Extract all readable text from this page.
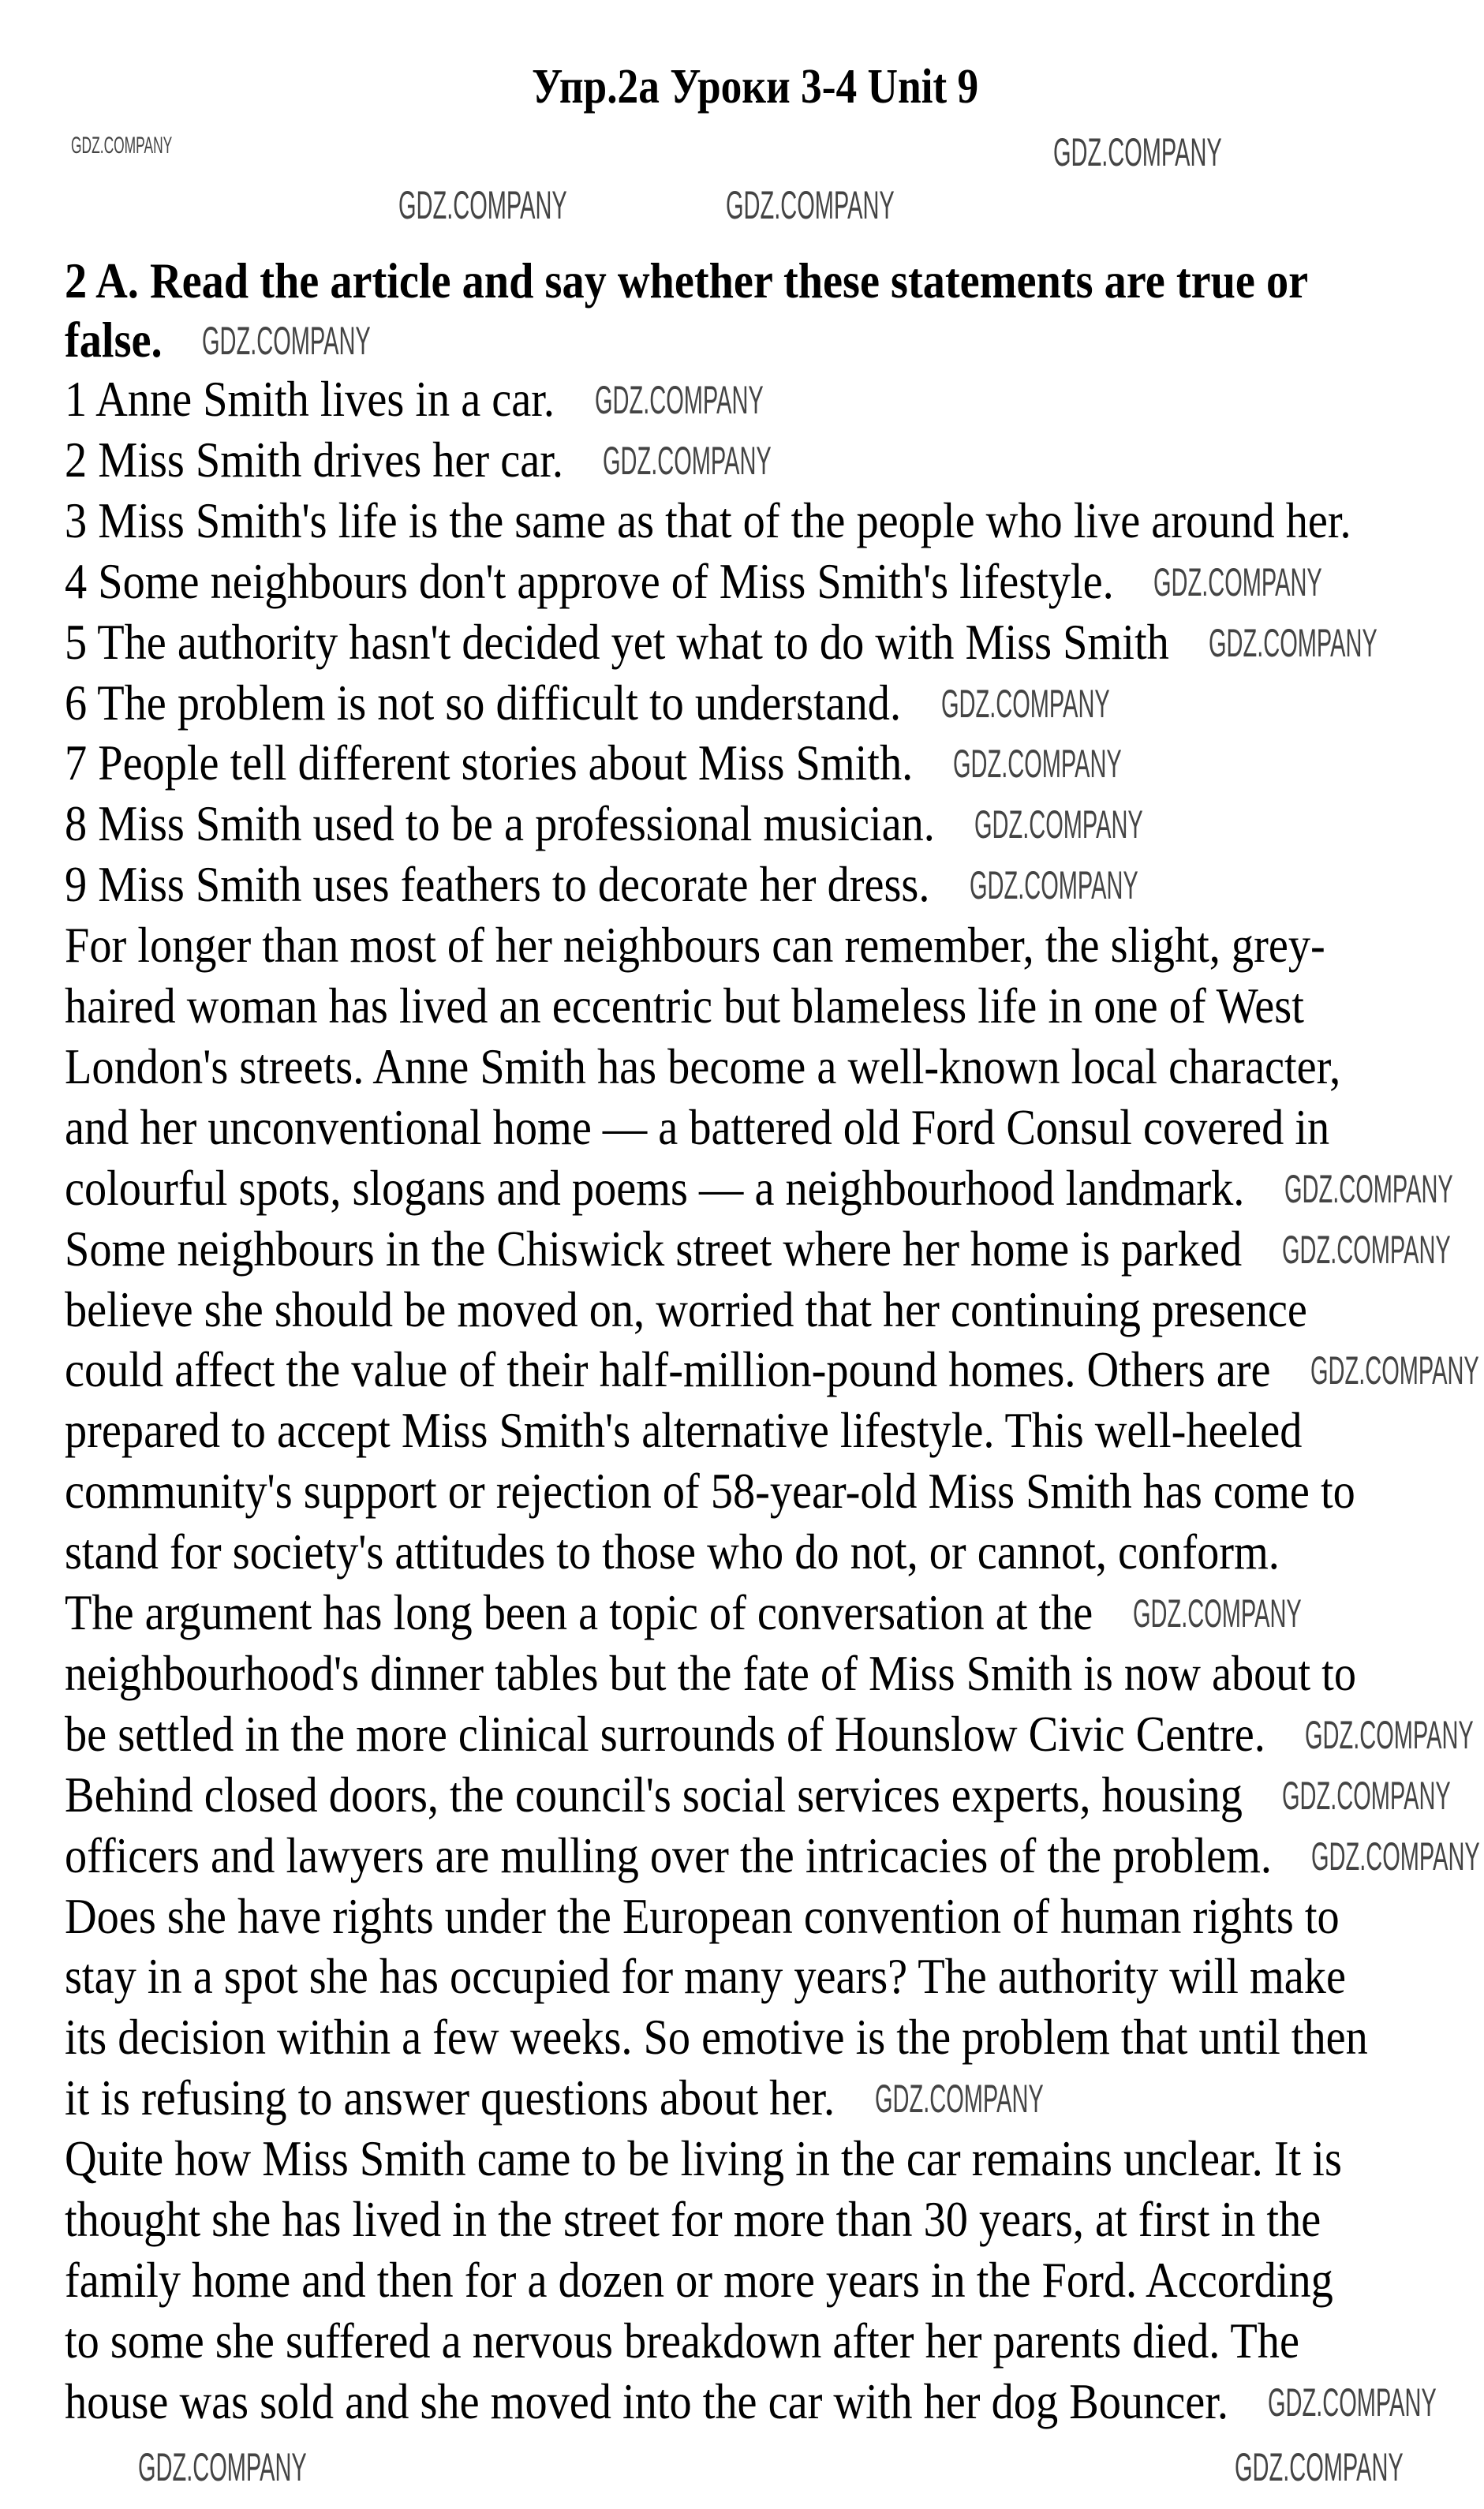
Упр.2a Уроки 3-4 Unit 9
2 A. Read the article and say whether these statements are true or
false.
1 Anne Smith lives in a car.
2 Miss Smith drives her car.
3 Miss Smith's life is the same as that of the people who live around her.
4 Some neighbours don't approve of Miss Smith's lifestyle.
5 The authority hasn't decided yet what to do with Miss Smith
6 The problem is not so difficult to understand.
7 People tell different stories about Miss Smith.
8 Miss Smith used to be a professional musician.
9 Miss Smith uses feathers to decorate her dress.
For longer than most of her neighbours can remember, the slight, grey-
haired woman has lived an eccentric but blameless life in one of West
London's streets. Anne Smith has become a well-known local character,
and her unconventional home — a battered old Ford Consul covered in
colourful spots, slogans and poems — a neighbourhood landmark.
Some neighbours in the Chiswick street where her home is parked
believe she should be moved on, worried that her continuing presence
could affect the value of their half-million-pound homes. Others are
prepared to accept Miss Smith's alternative lifestyle. This well-heeled
community's support or rejection of 58-year-old Miss Smith has come to
stand for society's attitudes to those who do not, or cannot, conform.
The argument has long been a topic of conversation at the
neighbourhood's dinner tables but the fate of Miss Smith is now about to
be settled in the more clinical surrounds of Hounslow Civic Centre.
Behind closed doors, the council's social services experts, housing
officers and lawyers are mulling over the intricacies of the problem.
Does she have rights under the European convention of human rights to
stay in a spot she has occupied for many years? The authority will make
its decision within a few weeks. So emotive is the problem that until then
it is refusing to answer questions about her.
Quite how Miss Smith came to be living in the car remains unclear. It is
thought she has lived in the street for more than 30 years, at first in the
family home and then for a dozen or more years in the Ford. According
to some she suffered a nervous breakdown after her parents died. The
house was sold and she moved into the car with her dog Bouncer.
GDZ.COMPANY
GDZ.COMPANY	GDZ.COMPANY
GDZ.COMPANY
GDZ.COMPANY
GDZ.COMPANY
GDZ.COMPANY
GDZ.COMPANY
GDZ.COMPANY
GDZ.COMPANY
GDZ.COMPANY
GDZ.COMPANY
GDZ.COMPANY
GDZ.COMPANY
GDZ.COMPANY
GDZ.COMPANY
GDZ.COMPANY
GDZ.COMPANY
GDZ.COMPANY
GDZ.COMPANY
GDZ.COMPANY
GDZ.COMPANY
GDZ.COMPANY	GDZ.COMPANY
